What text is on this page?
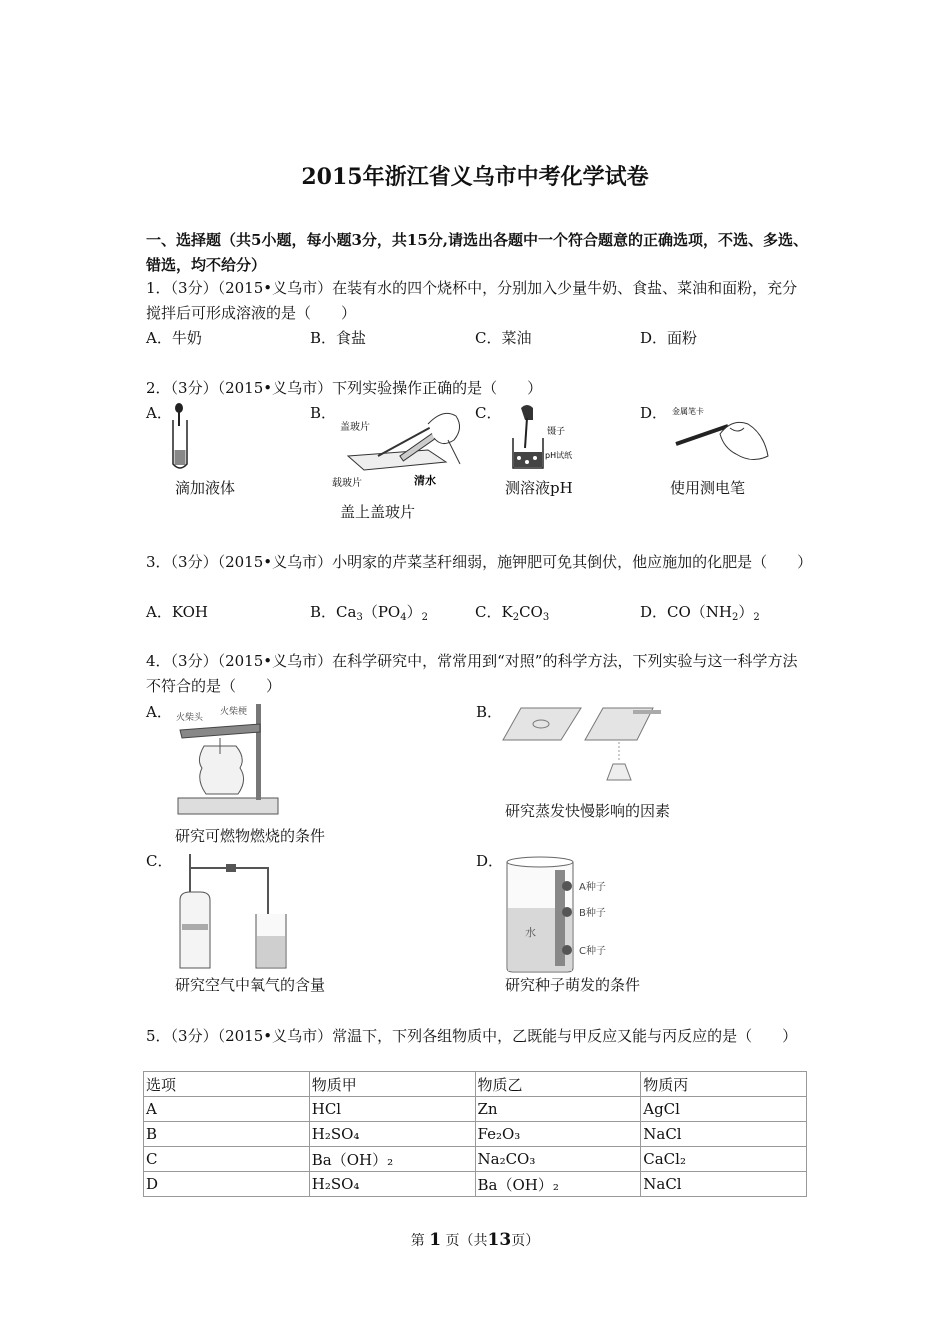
2015年浙江省义乌市中考化学试卷
一、选择题（共5小题，每小题3分，共15分,请选出各题中一个符合题意的正确选项，不选、多选、错选，均不给分）
1．（3分）（2015•义乌市）在装有水的四个烧杯中，分别加入少量牛奶、食盐、菜油和面粉，充分搅拌后可形成溶液的是（　　）
A．牛奶	B．食盐	C．菜油	D．面粉
2．（3分）（2015•义乌市）下列实验操作正确的是（　　）
A．	B．	C．	D．
盖玻片
载玻片	清水
镊子
pH试纸
金属笔卡
滴加液体
盖上盖玻片
测溶液pH	使用测电笔
3．（3分）（2015•义乌市）小明家的芹菜茎秆细弱，施钾肥可免其倒伏，他应施加的化肥是（　　）
A．KOH	B．$Ca_3(PO_4)_2$	C．$K_2CO_3$	D．$CO(NH_2)_2$
4．（3分）（2015•义乌市）在科学研究中，常常用到“对照”的科学方法，下列实验与这一科学方法不符合的是（　　）
A．	B．
C．	D．
火柴头
火柴梗
A种子
B种子
C种子
水
研究可燃物燃烧的条件
研究蒸发快慢影响的因素
研究空气中氧气的含量	研究种子萌发的条件
5．（3分）（2015•义乌市）常温下，下列各组物质中，乙既能与甲反应又能与丙反应的是（　　）
选项	物质甲	物质乙	物质丙
A	HCl	Zn	AgCl
B	H₂SO₄	Fe₂O₃	NaCl
C	Ba（OH）₂	Na₂CO₃	CaCl₂
D	H₂SO₄	Ba（OH）₂	NaCl
第 1 页（共13页）
